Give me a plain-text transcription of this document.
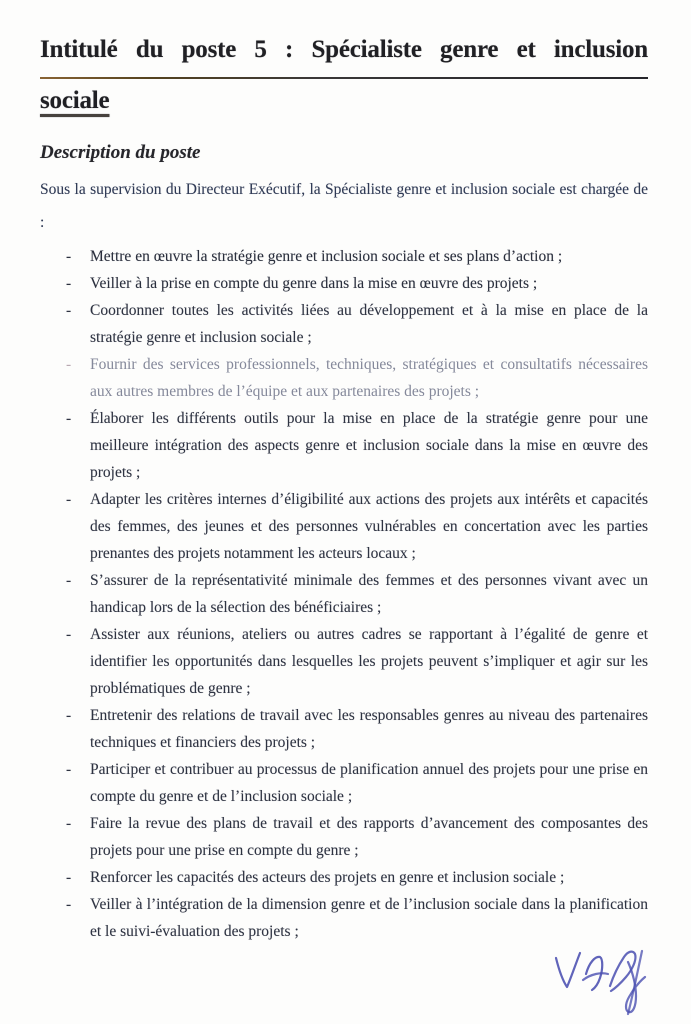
Intitulé du poste 5 : Spécialiste genre et inclusion
sociale
Description du poste

Sous la supervision du Directeur Exécutif, la Spécialiste genre et inclusion sociale est chargée de :

- Mettre en œuvre la stratégie genre et inclusion sociale et ses plans d’action ;
- Veiller à la prise en compte du genre dans la mise en œuvre des projets ;
- Coordonner toutes les activités liées au développement et à la mise en place de la stratégie genre et inclusion sociale ;
- Fournir des services professionnels, techniques, stratégiques et consultatifs nécessaires aux autres membres de l’équipe et aux partenaires des projets ;
- Élaborer les différents outils pour la mise en place de la stratégie genre pour une meilleure intégration des aspects genre et inclusion sociale dans la mise en œuvre des projets ;
- Adapter les critères internes d’éligibilité aux actions des projets aux intérêts et capacités des femmes, des jeunes et des personnes vulnérables en concertation avec les parties prenantes des projets notamment les acteurs locaux ;
- S’assurer de la représentativité minimale des femmes et des personnes vivant avec un handicap lors de la sélection des bénéficiaires ;
- Assister aux réunions, ateliers ou autres cadres se rapportant à l’égalité de genre et identifier les opportunités dans lesquelles les projets peuvent s’impliquer et agir sur les problématiques de genre ;
- Entretenir des relations de travail avec les responsables genres au niveau des partenaires techniques et financiers des projets ;
- Participer et contribuer au processus de planification annuel des projets pour une prise en compte du genre et de l’inclusion sociale ;
- Faire la revue des plans de travail et des rapports d’avancement des composantes des projets pour une prise en compte du genre ;
- Renforcer les capacités des acteurs des projets en genre et inclusion sociale ;
- Veiller à l’intégration de la dimension genre et de l’inclusion sociale dans la planification et le suivi-évaluation des projets ;
